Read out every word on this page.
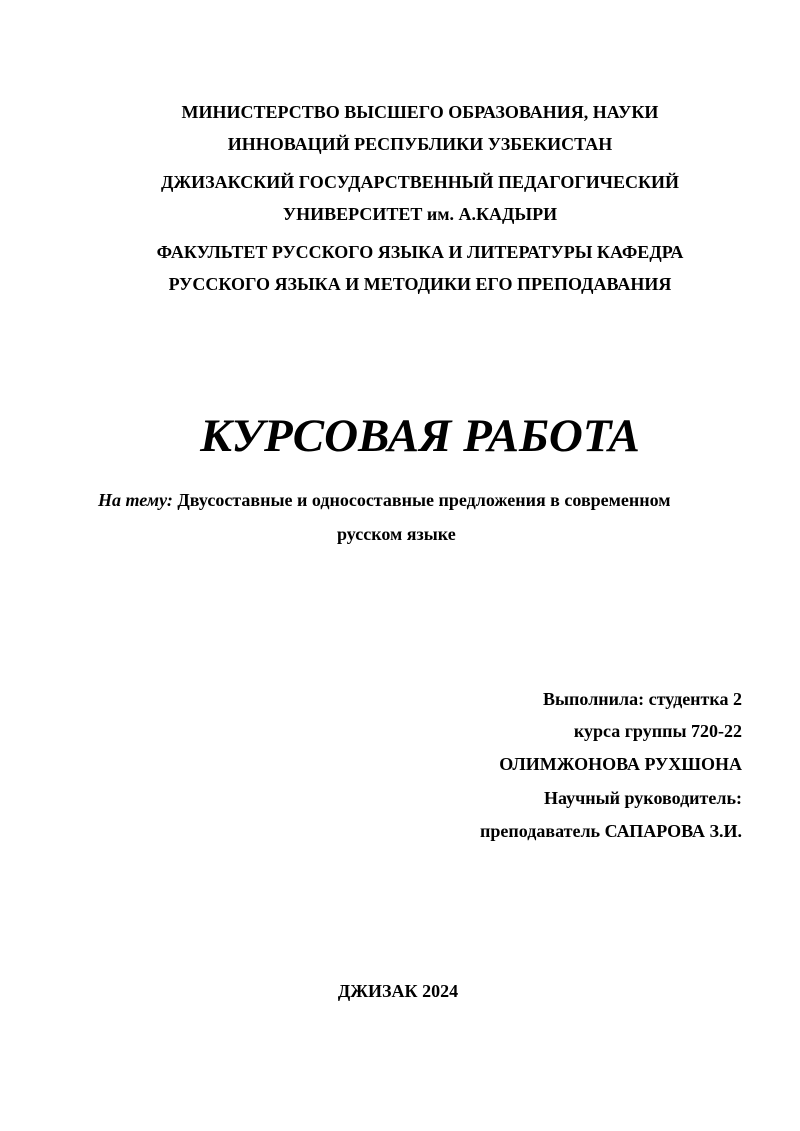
МИНИСТЕРСТВО ВЫСШЕГО ОБРАЗОВАНИЯ, НАУКИ
ИННОВАЦИЙ РЕСПУБЛИКИ УЗБЕКИСТАН
ДЖИЗАКСКИЙ ГОСУДАРСТВЕННЫЙ ПЕДАГОГИЧЕСКИЙ
УНИВЕРСИТЕТ им. А.КАДЫРИ
ФАКУЛЬТЕТ РУССКОГО ЯЗЫКА И ЛИТЕРАТУРЫ КАФЕДРА
РУССКОГО ЯЗЫКА И МЕТОДИКИ ЕГО ПРЕПОДАВАНИЯ
КУРСОВАЯ РАБОТА
На тему: Двусоставные и односоставные предложения в современном
русском языке
Выполнила: студентка 2
курса группы 720-22
ОЛИМЖОНОВА РУХШОНА
Научный руководитель:
преподаватель САПАРОВА З.И.
ДЖИЗАК 2024
